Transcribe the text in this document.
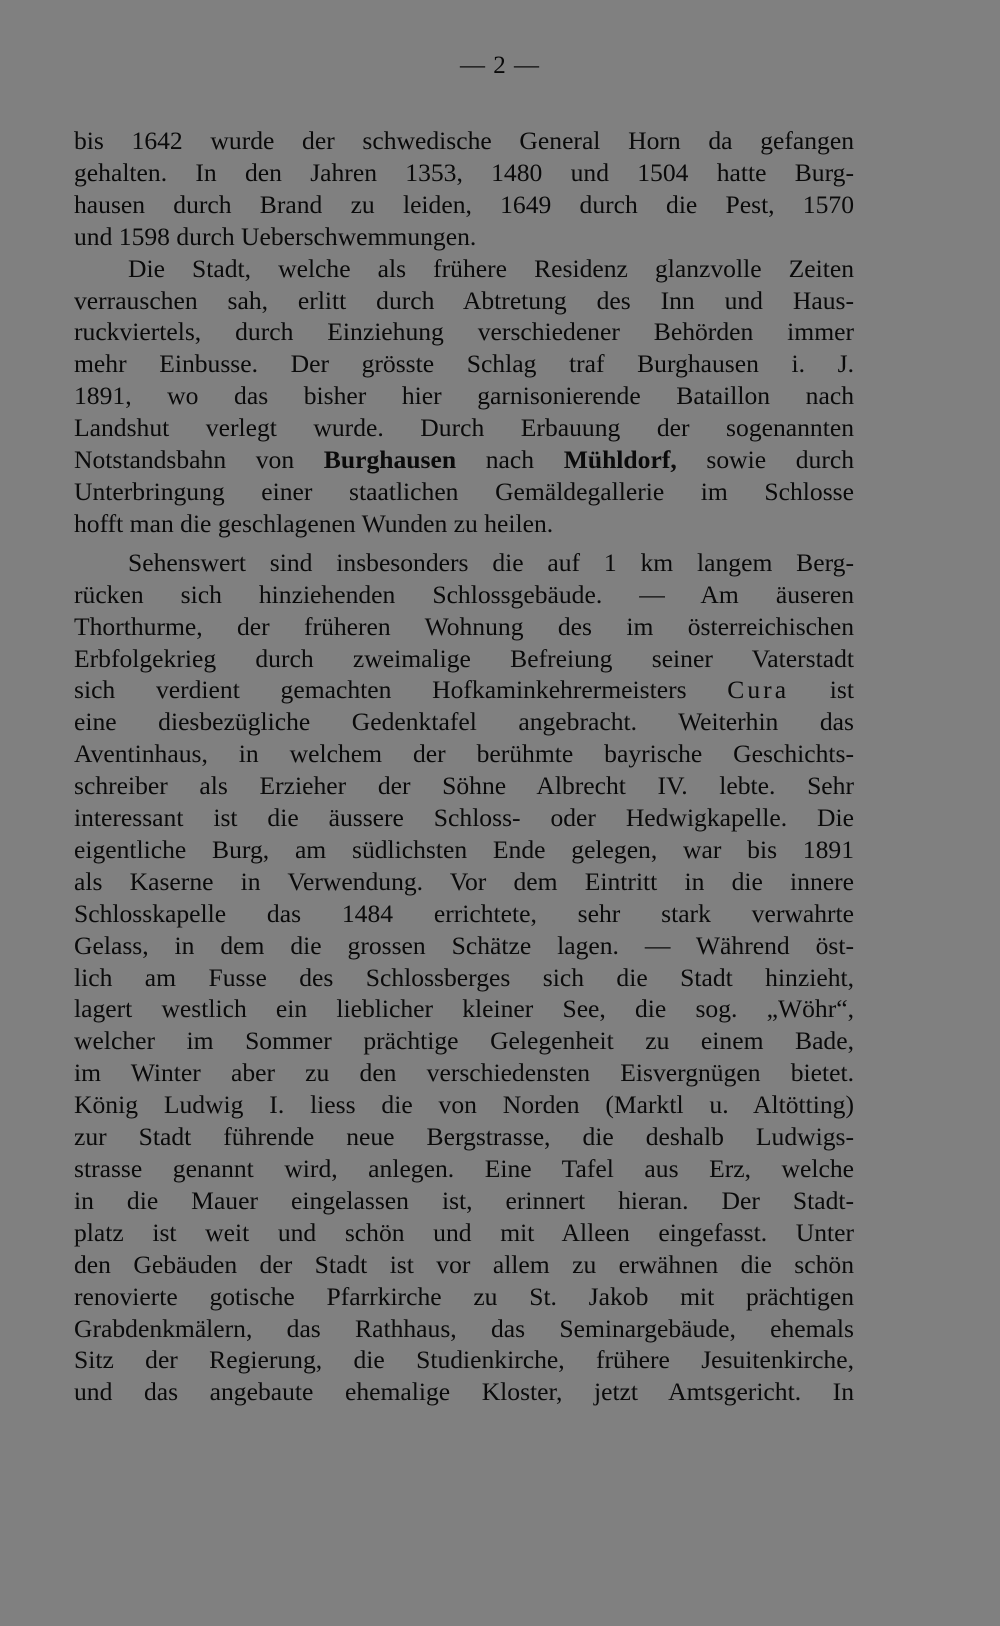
— 2 —
bis 1642 wurde der schwedische General Horn da gefangen
gehalten. In den Jahren 1353, 1480 und 1504 hatte Burg-
hausen durch Brand zu leiden, 1649 durch die Pest, 1570
und 1598 durch Ueberschwemmungen.
Die Stadt, welche als frühere Residenz glanzvolle Zeiten
verrauschen sah, erlitt durch Abtretung des Inn und Haus-
ruckviertels, durch Einziehung verschiedener Behörden immer
mehr Einbusse. Der grösste Schlag traf Burghausen i. J.
1891, wo das bisher hier garnisonierende Bataillon nach
Landshut verlegt wurde. Durch Erbauung der sogenannten
Notstandsbahn von Burghausen nach Mühldorf, sowie durch
Unterbringung einer staatlichen Gemäldegallerie im Schlosse
hofft man die geschlagenen Wunden zu heilen.
Sehenswert sind insbesonders die auf 1 km langem Berg-
rücken sich hinziehenden Schlossgebäude. — Am äuseren
Thorthurme, der früheren Wohnung des im österreichischen
Erbfolgekrieg durch zweimalige Befreiung seiner Vaterstadt
sich verdient gemachten Hofkaminkehrermeisters Cura ist
eine diesbezügliche Gedenktafel angebracht. Weiterhin das
Aventinhaus, in welchem der berühmte bayrische Geschichts-
schreiber als Erzieher der Söhne Albrecht IV. lebte. Sehr
interessant ist die äussere Schloss- oder Hedwigkapelle. Die
eigentliche Burg, am südlichsten Ende gelegen, war bis 1891
als Kaserne in Verwendung. Vor dem Eintritt in die innere
Schlosskapelle das 1484 errichtete, sehr stark verwahrte
Gelass, in dem die grossen Schätze lagen. — Während öst-
lich am Fusse des Schlossberges sich die Stadt hinzieht,
lagert westlich ein lieblicher kleiner See, die sog. „Wöhr“,
welcher im Sommer prächtige Gelegenheit zu einem Bade,
im Winter aber zu den verschiedensten Eisvergnügen bietet.
König Ludwig I. liess die von Norden (Marktl u. Altötting)
zur Stadt führende neue Bergstrasse, die deshalb Ludwigs-
strasse genannt wird, anlegen. Eine Tafel aus Erz, welche
in die Mauer eingelassen ist, erinnert hieran. Der Stadt-
platz ist weit und schön und mit Alleen eingefasst. Unter
den Gebäuden der Stadt ist vor allem zu erwähnen die schön
renovierte gotische Pfarrkirche zu St. Jakob mit prächtigen
Grabdenkmälern, das Rathhaus, das Seminargebäude, ehemals
Sitz der Regierung, die Studienkirche, frühere Jesuitenkirche,
und das angebaute ehemalige Kloster, jetzt Amtsgericht. In
